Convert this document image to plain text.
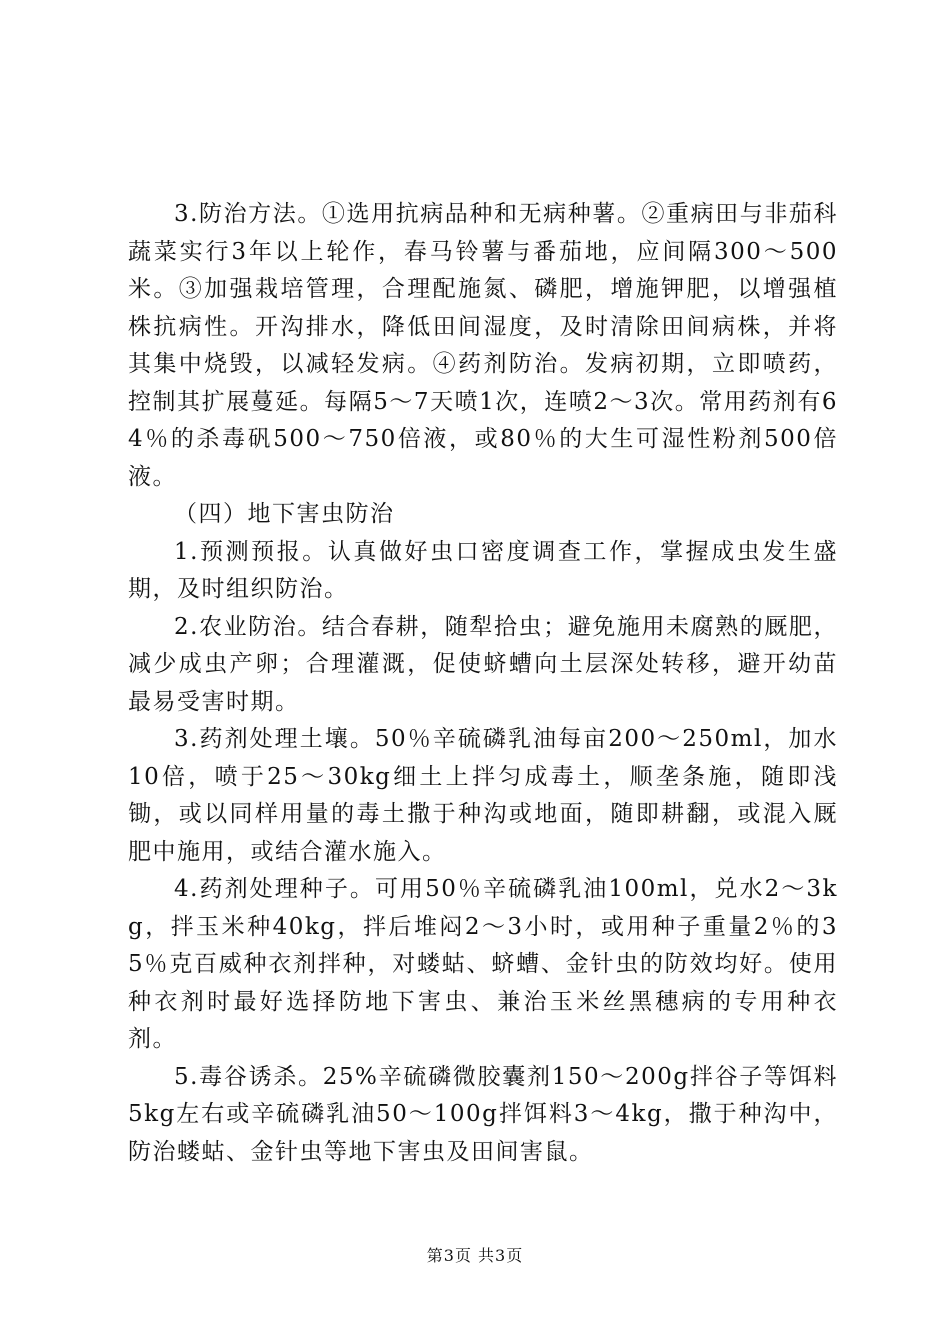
3.防治方法。①选用抗病品种和无病种薯。②重病田与非茄科蔬菜实行3年以上轮作，春马铃薯与番茄地，应间隔300～500米。③加强栽培管理，合理配施氮、磷肥，增施钾肥，以增强植株抗病性。开沟排水，降低田间湿度，及时清除田间病株，并将其集中烧毁，以减轻发病。④药剂防治。发病初期，立即喷药，控制其扩展蔓延。每隔5～7天喷1次，连喷2～3次。常用药剂有64％的杀毒矾500～750倍液，或80％的大生可湿性粉剂500倍液。

（四）地下害虫防治

1.预测预报。认真做好虫口密度调查工作，掌握成虫发生盛期，及时组织防治。

2.农业防治。结合春耕，随犁拾虫；避免施用未腐熟的厩肥，减少成虫产卵；合理灌溉，促使蛴螬向土层深处转移，避开幼苗最易受害时期。

3.药剂处理土壤。50％辛硫磷乳油每亩200～250ml，加水10倍，喷于25～30kg细土上拌匀成毒土，顺垄条施，随即浅锄，或以同样用量的毒土撒于种沟或地面，随即耕翻，或混入厩肥中施用，或结合灌水施入。

4.药剂处理种子。可用50％辛硫磷乳油100ml，兑水2～3kg，拌玉米种40kg，拌后堆闷2～3小时，或用种子重量2％的35％克百威种衣剂拌种，对蝼蛄、蛴螬、金针虫的防效均好。使用种衣剂时最好选择防地下害虫、兼治玉米丝黑穗病的专用种衣剂。

5.毒谷诱杀。25%辛硫磷微胶囊剂150～200g拌谷子等饵料5kg左右或辛硫磷乳油50～100g拌饵料3～4kg，撒于种沟中，防治蝼蛄、金针虫等地下害虫及田间害鼠。

第3页 共3页
